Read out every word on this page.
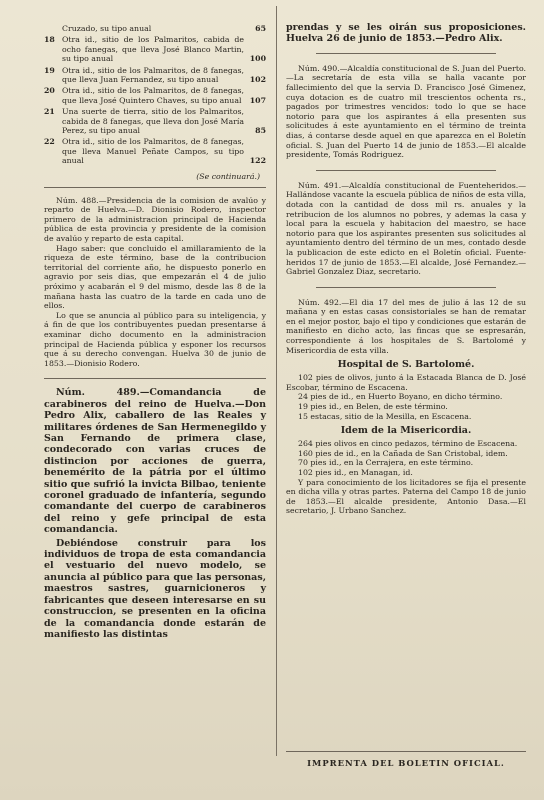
Cruzado, su tipo anual	65
18 Otra id., sitio de los Palmaritos, cabida de ocho fanegas, que lleva José Blanco Martin, su tipo anual	100
19 Otra id., sitio de los Palmaritos, de 8 fanegas, que lleva Juan Fernandez, su tipo anual	102
20 Otra id., sitio de los Palmaritos, de 8 fanegas, que lleva José Quintero Chaves, su tipo anual	107
21 Una suerte de tierra, sitio de los Palmaritos, cabida de 8 fanegas, que lleva don José María Perez, su tipo anual	85
22 Otra id., sitio de los Palmaritos, de 8 fanegas, que lleva Manuel Peñate Campos, su tipo anual	122
(Se continuará.)

Núm. 488.—Presidencia de la comision de avalúo y reparto de Huelva.—D. Dionisio Rodero, inspector primero de la administracion principal de Hacienda pública de esta provincia y presidente de la comision de avalúo y reparto de esta capital.

Hago saber: que concluido el amillaramiento de la riqueza de este término, base de la contribucion territorial del corriente año, he dispuesto ponerlo en agravio por seis dias, que empezarán el 4 de julio próximo y acabarán el 9 del mismo, desde las 8 de la mañana hasta las cuatro de la tarde en cada uno de ellos.

Lo que se anuncia al público para su inteligencia, y á fin de que los contribuyentes puedan presentarse á examinar dicho documento en la administracion principal de Hacienda pública y esponer los recursos que á su derecho convengan. Huelva 30 de junio de 1853.—Dionisio Rodero.

Núm. 489.—Comandancia de carabineros del reino de Huelva.—Don Pedro Alix, caballero de las Reales y militares órdenes de San Hermenegildo y San Fernando de primera clase, condecorado con varias cruces de distincion por acciones de guerra, benemérito de la pátria por el último sitio que sufrió la invicta Bilbao, teniente coronel graduado de infantería, segundo comandante del cuerpo de carabineros del reino y gefe principal de esta comandancia.

Debiéndose construir para los individuos de tropa de esta comandancia el vestuario del nuevo modelo, se anuncia al público para que las personas, maestros sastres, guarnicioneros y fabricantes que deseen interesarse en su construccion, se presenten en la oficina de la comandancia donde estarán de manifiesto las distintas

prendas y se les oirán sus proposiciones. Huelva 26 de junio de 1853.—Pedro Alix.

Núm. 490.—Alcaldía constitucional de S. Juan del Puerto.—La secretaría de esta villa se halla vacante por fallecimiento del que la servia D. Francisco José Gimenez, cuya dotacion es de cuatro mil trescientos ochenta rs., pagados por trimestres vencidos: todo lo que se hace notorio para que los aspirantes á ella presenten sus solicitudes á este ayuntamiento en el término de treinta dias, á contarse desde aquel en que aparezca en el Boletín oficial. S. Juan del Puerto 14 de junio de 1853.—El alcalde presidente, Tomás Rodriguez.

Núm. 491.—Alcaldía constitucional de Fuenteheridos.—Hallándose vacante la escuela pública de niños de esta villa, dotada con la cantidad de doss mil rs. anuales y la retribucion de los alumnos no pobres, y ademas la casa y local para la escuela y habitacion del maestro, se hace notorio para que los aspirantes presenten sus solicitudes al ayuntamiento dentro del término de un mes, contado desde la publicacion de este edicto en el Boletín oficial. Fuente-heridos 17 de junio de 1853.—El alcalde, José Fernandez.—Gabriel Gonzalez Diaz, secretario.

Núm. 492.—El dia 17 del mes de julio á las 12 de su mañana y en estas casas consistoriales se han de rematar en el mejor postor, bajo el tipo y condiciones que estarán de manifiesto en dicho acto, las fincas que se espresarán, correspondiente á los hospitales de S. Bartolomé y Misericordia de esta villa.

Hospital de S. Bartolomé.

102 pies de olivos, junto á la Estacada Blanca de D. José Escobar, término de Escacena.

24 pies de id., en Huerto Boyano, en dicho término.

19 pies id., en Belen, de este término.

15 estacas, sitio de la Mesilla, en Escacena.

Idem de la Misericordia.

264 pies olivos en cinco pedazos, término de Escacena.

160 pies de id., en la Cañada de San Cristobal, idem.

70 pies id., en la Cerrajera, en este término.

102 pies id., en Managan, id.

Y para conocimiento de los licitadores se fija el presente en dicha villa y otras partes. Paterna del Campo 18 de junio de 1853.—El alcalde presidente, Antonio Dasa.—El secretario, J. Urbano Sanchez.

IMPRENTA DEL BOLETIN OFICIAL.
